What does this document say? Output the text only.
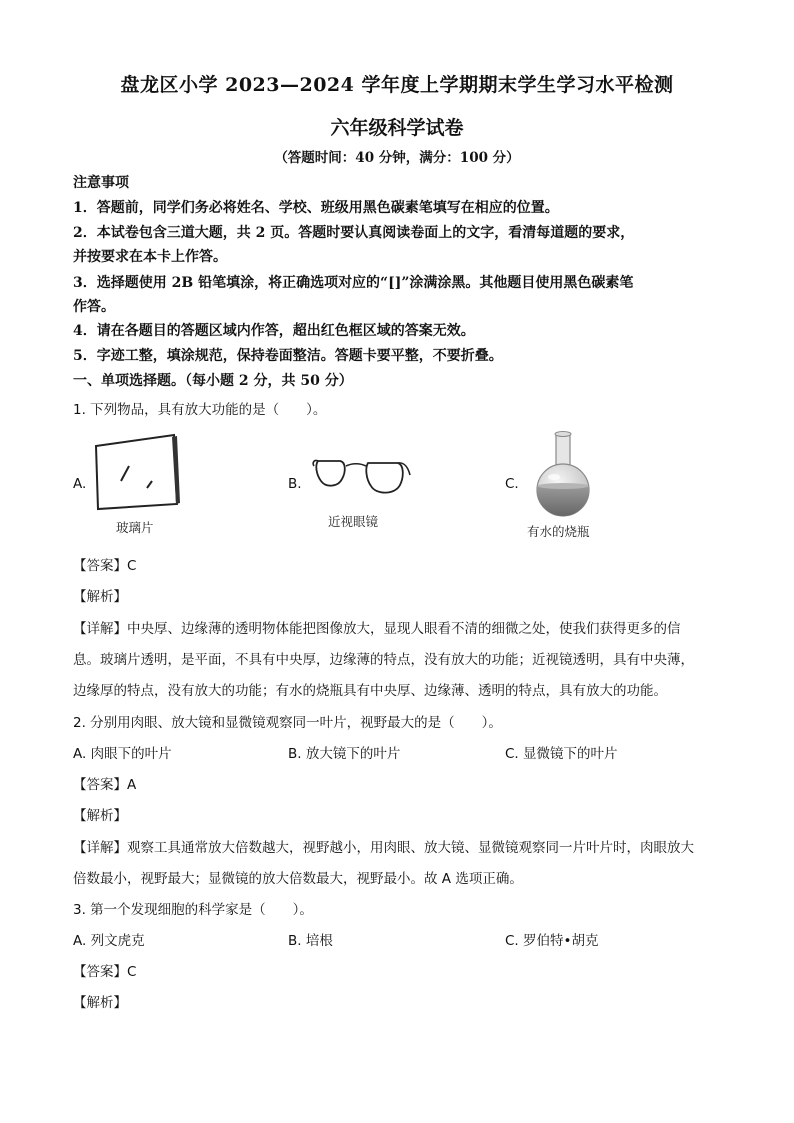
盘龙区小学 2023—2024 学年度上学期期末学生学习水平检测
六年级科学试卷
（答题时间：40 分钟，满分：100 分）
注意事项
1．答题前，同学们务必将姓名、学校、班级用黑色碳素笔填写在相应的位置。
2．本试卷包含三道大题，共 2 页。答题时要认真阅读卷面上的文字，看清每道题的要求，
并按要求在本卡上作答。
3．选择题使用 2B 铅笔填涂，将正确选项对应的“[]”涂满涂黑。其他题目使用黑色碳素笔
作答。
4．请在各题目的答题区域内作答，超出红色框区域的答案无效。
5．字迹工整，填涂规范，保持卷面整洁。答题卡要平整，不要折叠。
一、单项选择题。（每小题 2 分，共 50 分）
1. 下列物品，具有放大功能的是（　　）。
A.
玻璃片
B.
近视眼镜
C.
有水的烧瓶
【答案】C
【解析】
【详解】中央厚、边缘薄的透明物体能把图像放大，显现人眼看不清的细微之处，使我们获得更多的信
息。玻璃片透明，是平面，不具有中央厚，边缘薄的特点，没有放大的功能；近视镜透明，具有中央薄，
边缘厚的特点，没有放大的功能；有水的烧瓶具有中央厚、边缘薄、透明的特点，具有放大的功能。
2. 分别用肉眼、放大镜和显微镜观察同一叶片，视野最大的是（　　）。
A. 肉眼下的叶片	B. 放大镜下的叶片	C. 显微镜下的叶片
【答案】A
【解析】
【详解】观察工具通常放大倍数越大，视野越小，用肉眼、放大镜、显微镜观察同一片叶片时，肉眼放大
倍数最小，视野最大；显微镜的放大倍数最大，视野最小。故 A 选项正确。
3. 第一个发现细胞的科学家是（　　）。
A. 列文虎克	B. 培根	C. 罗伯特•胡克
【答案】C
【解析】
